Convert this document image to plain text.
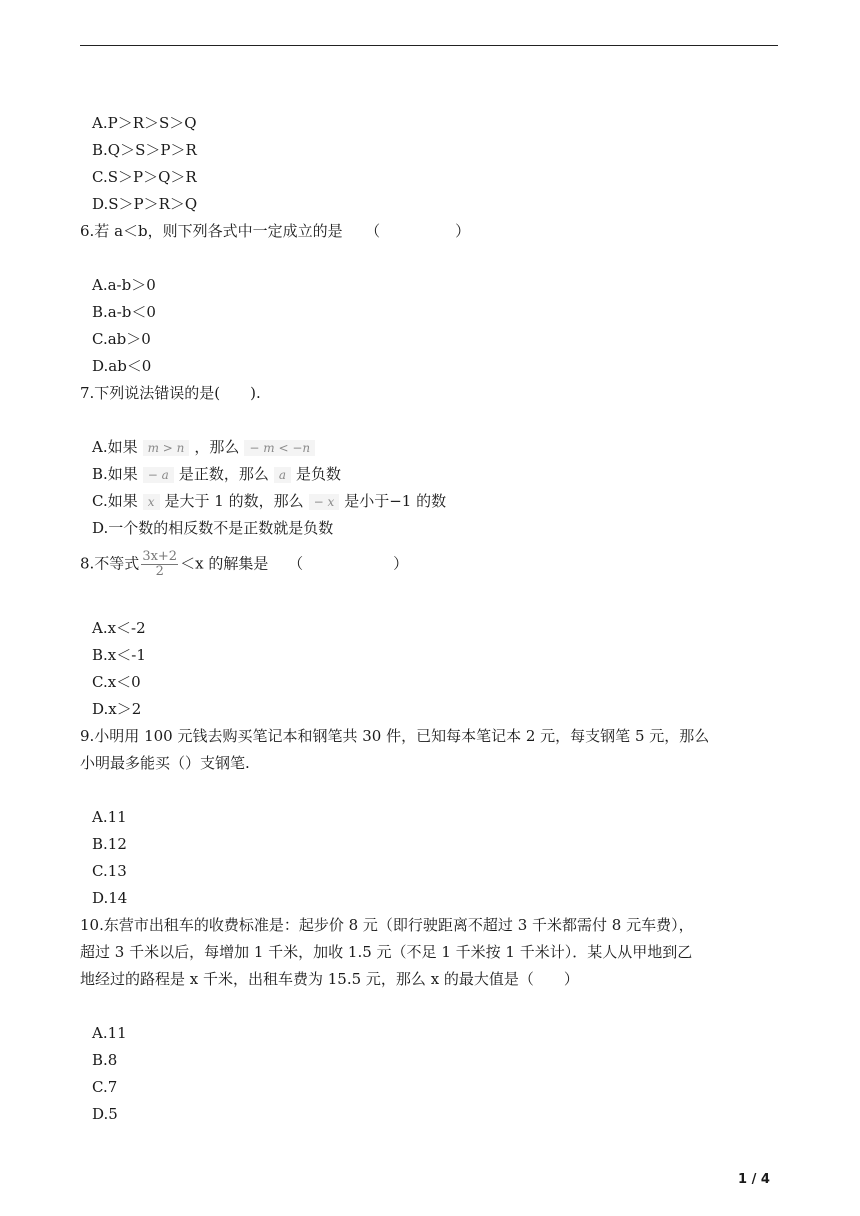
A.P＞R＞S＞Q
B.Q＞S＞P＞R
C.S＞P＞Q＞R
D.S＞P＞R＞Q
6.若 a＜b，则下列各式中一定成立的是　　（　　　　　）
A.a-b＞0
B.a-b＜0
C.ab＞0
D.ab＜0
7.下列说法错误的是(　　).
A.如果 m > n ，那么 − m < −n
B.如果 − a 是正数，那么 a 是负数
C.如果 x 是大于 1 的数，那么 − x 是小于−1 的数
D.一个数的相反数不是正数就是负数
8.不等式 $\frac{3x+2}{2} <x$ 的解集是　 （　　　　　　）
A.x＜-2
B.x＜-1
C.x＜0
D.x＞2
9.小明用 100 元钱去购买笔记本和钢笔共 30 件，已知每本笔记本 2 元，每支钢笔 5 元，那么
小明最多能买（）支钢笔.
A.11
B.12
C.13
D.14
10.东营市出租车的收费标准是：起步价 8 元（即行驶距离不超过 3 千米都需付 8 元车费），
超过 3 千米以后，每增加 1 千米，加收 1.5 元（不足 1 千米按 1 千米计）．某人从甲地到乙
地经过的路程是 x 千米，出租车费为 15.5 元，那么 x 的最大值是（　　）
A.11
B.8
C.7
D.5
1 / 4
